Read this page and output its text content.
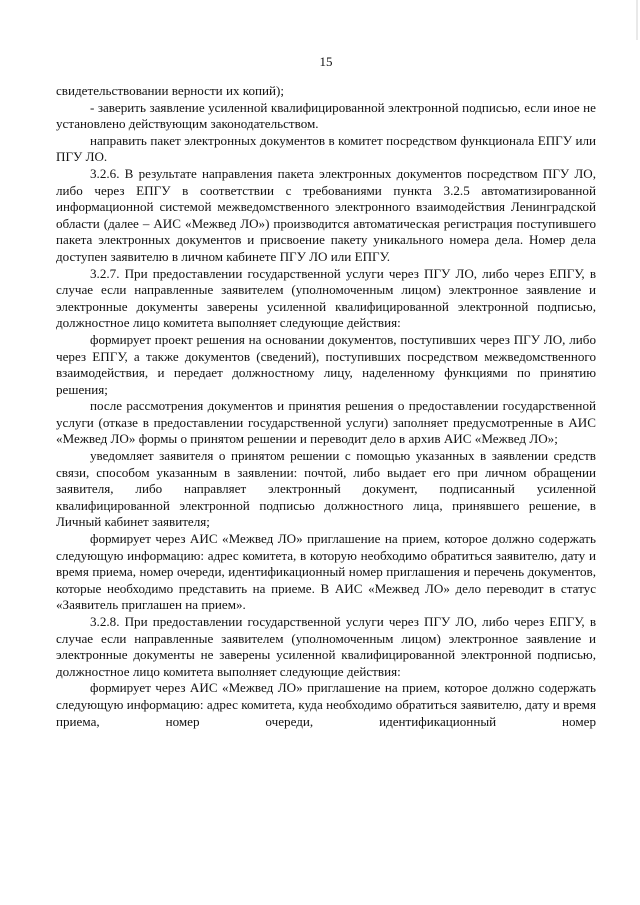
15

свидетельствовании верности их копий);

- заверить заявление усиленной квалифицированной электронной подписью, если иное не установлено действующим законодательством.

направить пакет электронных документов в комитет посредством функционала ЕПГУ или ПГУ ЛО.

3.2.6. В результате направления пакета электронных документов посредством ПГУ ЛО, либо через ЕПГУ в соответствии с требованиями пункта 3.2.5 автоматизированной информационной системой межведомственного электронного взаимодействия Ленинградской области (далее – АИС «Межвед ЛО») производится автоматическая регистрация поступившего пакета электронных документов и присвоение пакету уникального номера дела. Номер дела доступен заявителю в личном кабинете ПГУ ЛО или ЕПГУ.

3.2.7. При предоставлении государственной услуги через ПГУ ЛО, либо через ЕПГУ, в случае если направленные заявителем (уполномоченным лицом) электронное заявление и электронные документы заверены усиленной квалифицированной электронной подписью, должностное лицо комитета выполняет следующие действия:

формирует проект решения на основании документов, поступивших через ПГУ ЛО, либо через ЕПГУ, а также документов (сведений), поступивших посредством межведомственного взаимодействия, и передает должностному лицу, наделенному функциями по принятию решения;

после рассмотрения документов и принятия решения о предоставлении государственной услуги (отказе в предоставлении государственной услуги) заполняет предусмотренные в АИС «Межвед ЛО» формы о принятом решении и переводит дело в архив АИС «Межвед ЛО»;

уведомляет заявителя о принятом решении с помощью указанных в заявлении средств связи, способом указанным в заявлении: почтой, либо выдает его при личном обращении заявителя, либо направляет электронный документ, подписанный усиленной квалифицированной электронной подписью должностного лица, принявшего решение, в Личный кабинет заявителя;

формирует через АИС «Межвед ЛО» приглашение на прием, которое должно содержать следующую информацию: адрес комитета, в которую необходимо обратиться заявителю, дату и время приема, номер очереди, идентификационный номер приглашения и перечень документов, которые необходимо представить на приеме. В АИС «Межвед ЛО» дело переводит в статус «Заявитель приглашен на прием».

3.2.8. При предоставлении государственной услуги через ПГУ ЛО, либо через ЕПГУ, в случае если направленные заявителем (уполномоченным лицом) электронное заявление и электронные документы не заверены усиленной квалифицированной электронной подписью, должностное лицо комитета выполняет следующие действия:

формирует через АИС «Межвед ЛО» приглашение на прием, которое должно содержать следующую информацию: адрес комитета, куда необходимо обратиться заявителю, дату и время приема, номер очереди, идентификационный номер
